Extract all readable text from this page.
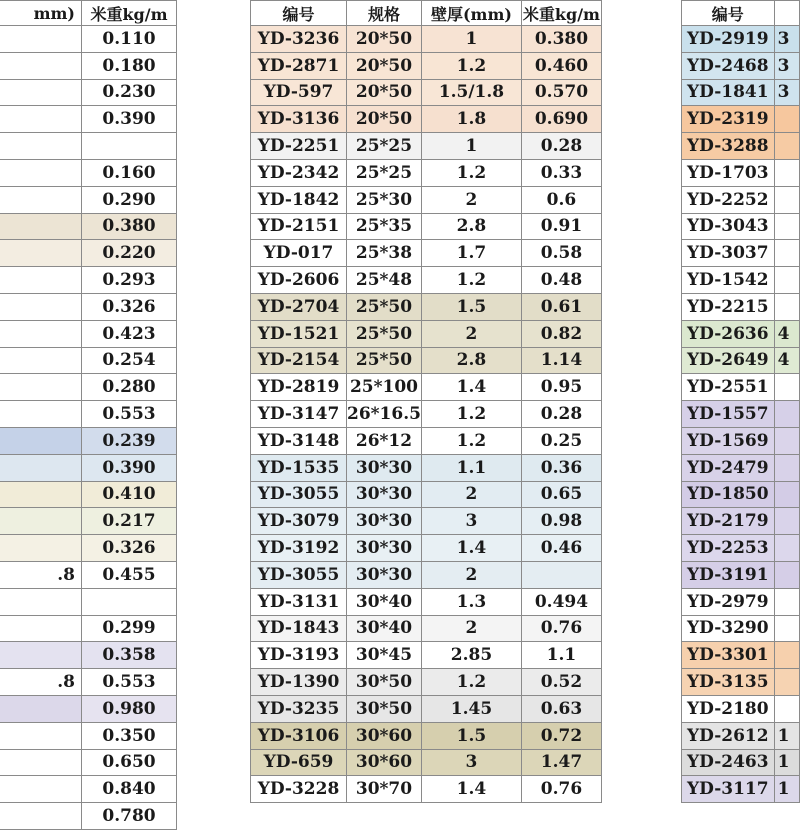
mm)	米重kg/m
	0.110
	0.180
	0.230
	0.390

	0.160
	0.290
	0.380
	0.220
	0.293
	0.326
	0.423
	0.254
	0.280
	0.553
	0.239
	0.390
	0.410
	0.217
	0.326
.8	0.455

	0.299
	0.358
.8	0.553
	0.980
	0.350
	0.650
	0.840
	0.780
编号	规格	壁厚(mm)	米重kg/m
YD-3236	20*50	1	0.380
YD-2871	20*50	1.2	0.460
YD-597	20*50	1.5/1.8	0.570
YD-3136	20*50	1.8	0.690
YD-2251	25*25	1	0.28
YD-2342	25*25	1.2	0.33
YD-1842	25*30	2	0.6
YD-2151	25*35	2.8	0.91
YD-017	25*38	1.7	0.58
YD-2606	25*48	1.2	0.48
YD-2704	25*50	1.5	0.61
YD-1521	25*50	2	0.82
YD-2154	25*50	2.8	1.14
YD-2819	25*100	1.4	0.95
YD-3147	26*16.5	1.2	0.28
YD-3148	26*12	1.2	0.25
YD-1535	30*30	1.1	0.36
YD-3055	30*30	2	0.65
YD-3079	30*30	3	0.98
YD-3192	30*30	1.4	0.46
YD-3055	30*30	2	
YD-3131	30*40	1.3	0.494
YD-1843	30*40	2	0.76
YD-3193	30*45	2.85	1.1
YD-1390	30*50	1.2	0.52
YD-3235	30*50	1.45	0.63
YD-3106	30*60	1.5	0.72
YD-659	30*60	3	1.47
YD-3228	30*70	1.4	0.76
编号	
YD-2919	3
YD-2468	3
YD-1841	3
YD-2319	
YD-3288	
YD-1703	
YD-2252	
YD-3043	
YD-3037	
YD-1542	
YD-2215	
YD-2636	4
YD-2649	4
YD-2551	
YD-1557	
YD-1569	
YD-2479	
YD-1850	
YD-2179	
YD-2253	
YD-3191	
YD-2979	
YD-3290	
YD-3301	
YD-3135	
YD-2180	
YD-2612	1
YD-2463	1
YD-3117	1
